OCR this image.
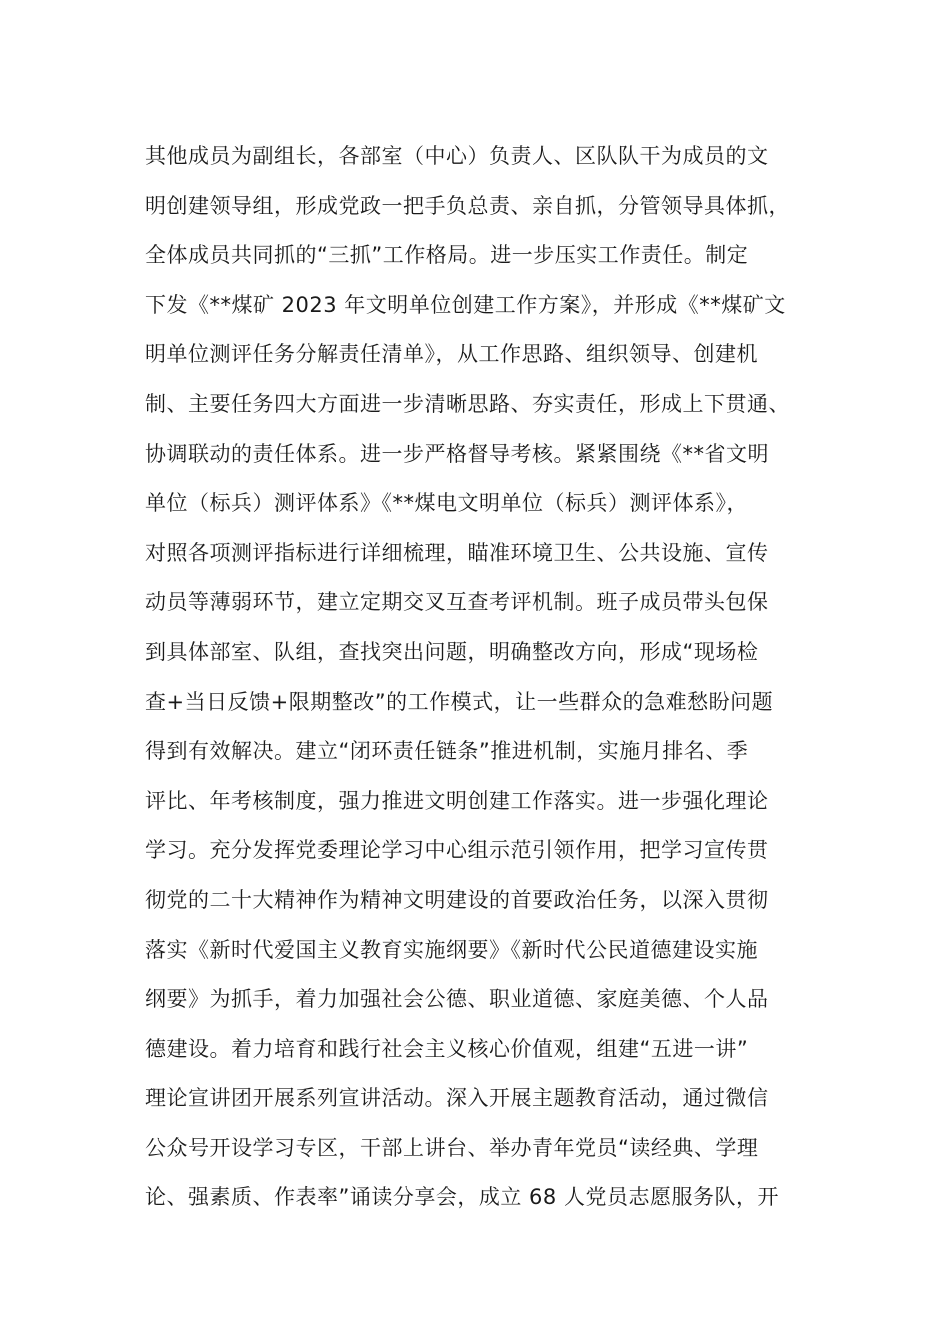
其他成员为副组长，各部室（中心）负责人、区队队干为成员的文
明创建领导组，形成党政一把手负总责、亲自抓，分管领导具体抓，
全体成员共同抓的“三抓”工作格局。进一步压实工作责任。制定
下发《**煤矿 2023 年文明单位创建工作方案》，并形成《**煤矿文
明单位测评任务分解责任清单》，从工作思路、组织领导、创建机
制、主要任务四大方面进一步清晰思路、夯实责任，形成上下贯通、
协调联动的责任体系。进一步严格督导考核。紧紧围绕《**省文明
单位（标兵）测评体系》《**煤电文明单位（标兵）测评体系》，
对照各项测评指标进行详细梳理，瞄准环境卫生、公共设施、宣传
动员等薄弱环节，建立定期交叉互查考评机制。班子成员带头包保
到具体部室、队组，查找突出问题，明确整改方向，形成“现场检
查+当日反馈+限期整改”的工作模式，让一些群众的急难愁盼问题
得到有效解决。建立“闭环责任链条”推进机制，实施月排名、季
评比、年考核制度，强力推进文明创建工作落实。进一步强化理论
学习。充分发挥党委理论学习中心组示范引领作用，把学习宣传贯
彻党的二十大精神作为精神文明建设的首要政治任务，以深入贯彻
落实《新时代爱国主义教育实施纲要》《新时代公民道德建设实施
纲要》为抓手，着力加强社会公德、职业道德、家庭美德、个人品
德建设。着力培育和践行社会主义核心价值观，组建“五进一讲”
理论宣讲团开展系列宣讲活动。深入开展主题教育活动，通过微信
公众号开设学习专区，干部上讲台、举办青年党员“读经典、学理
论、强素质、作表率”诵读分享会，成立 68 人党员志愿服务队，开
